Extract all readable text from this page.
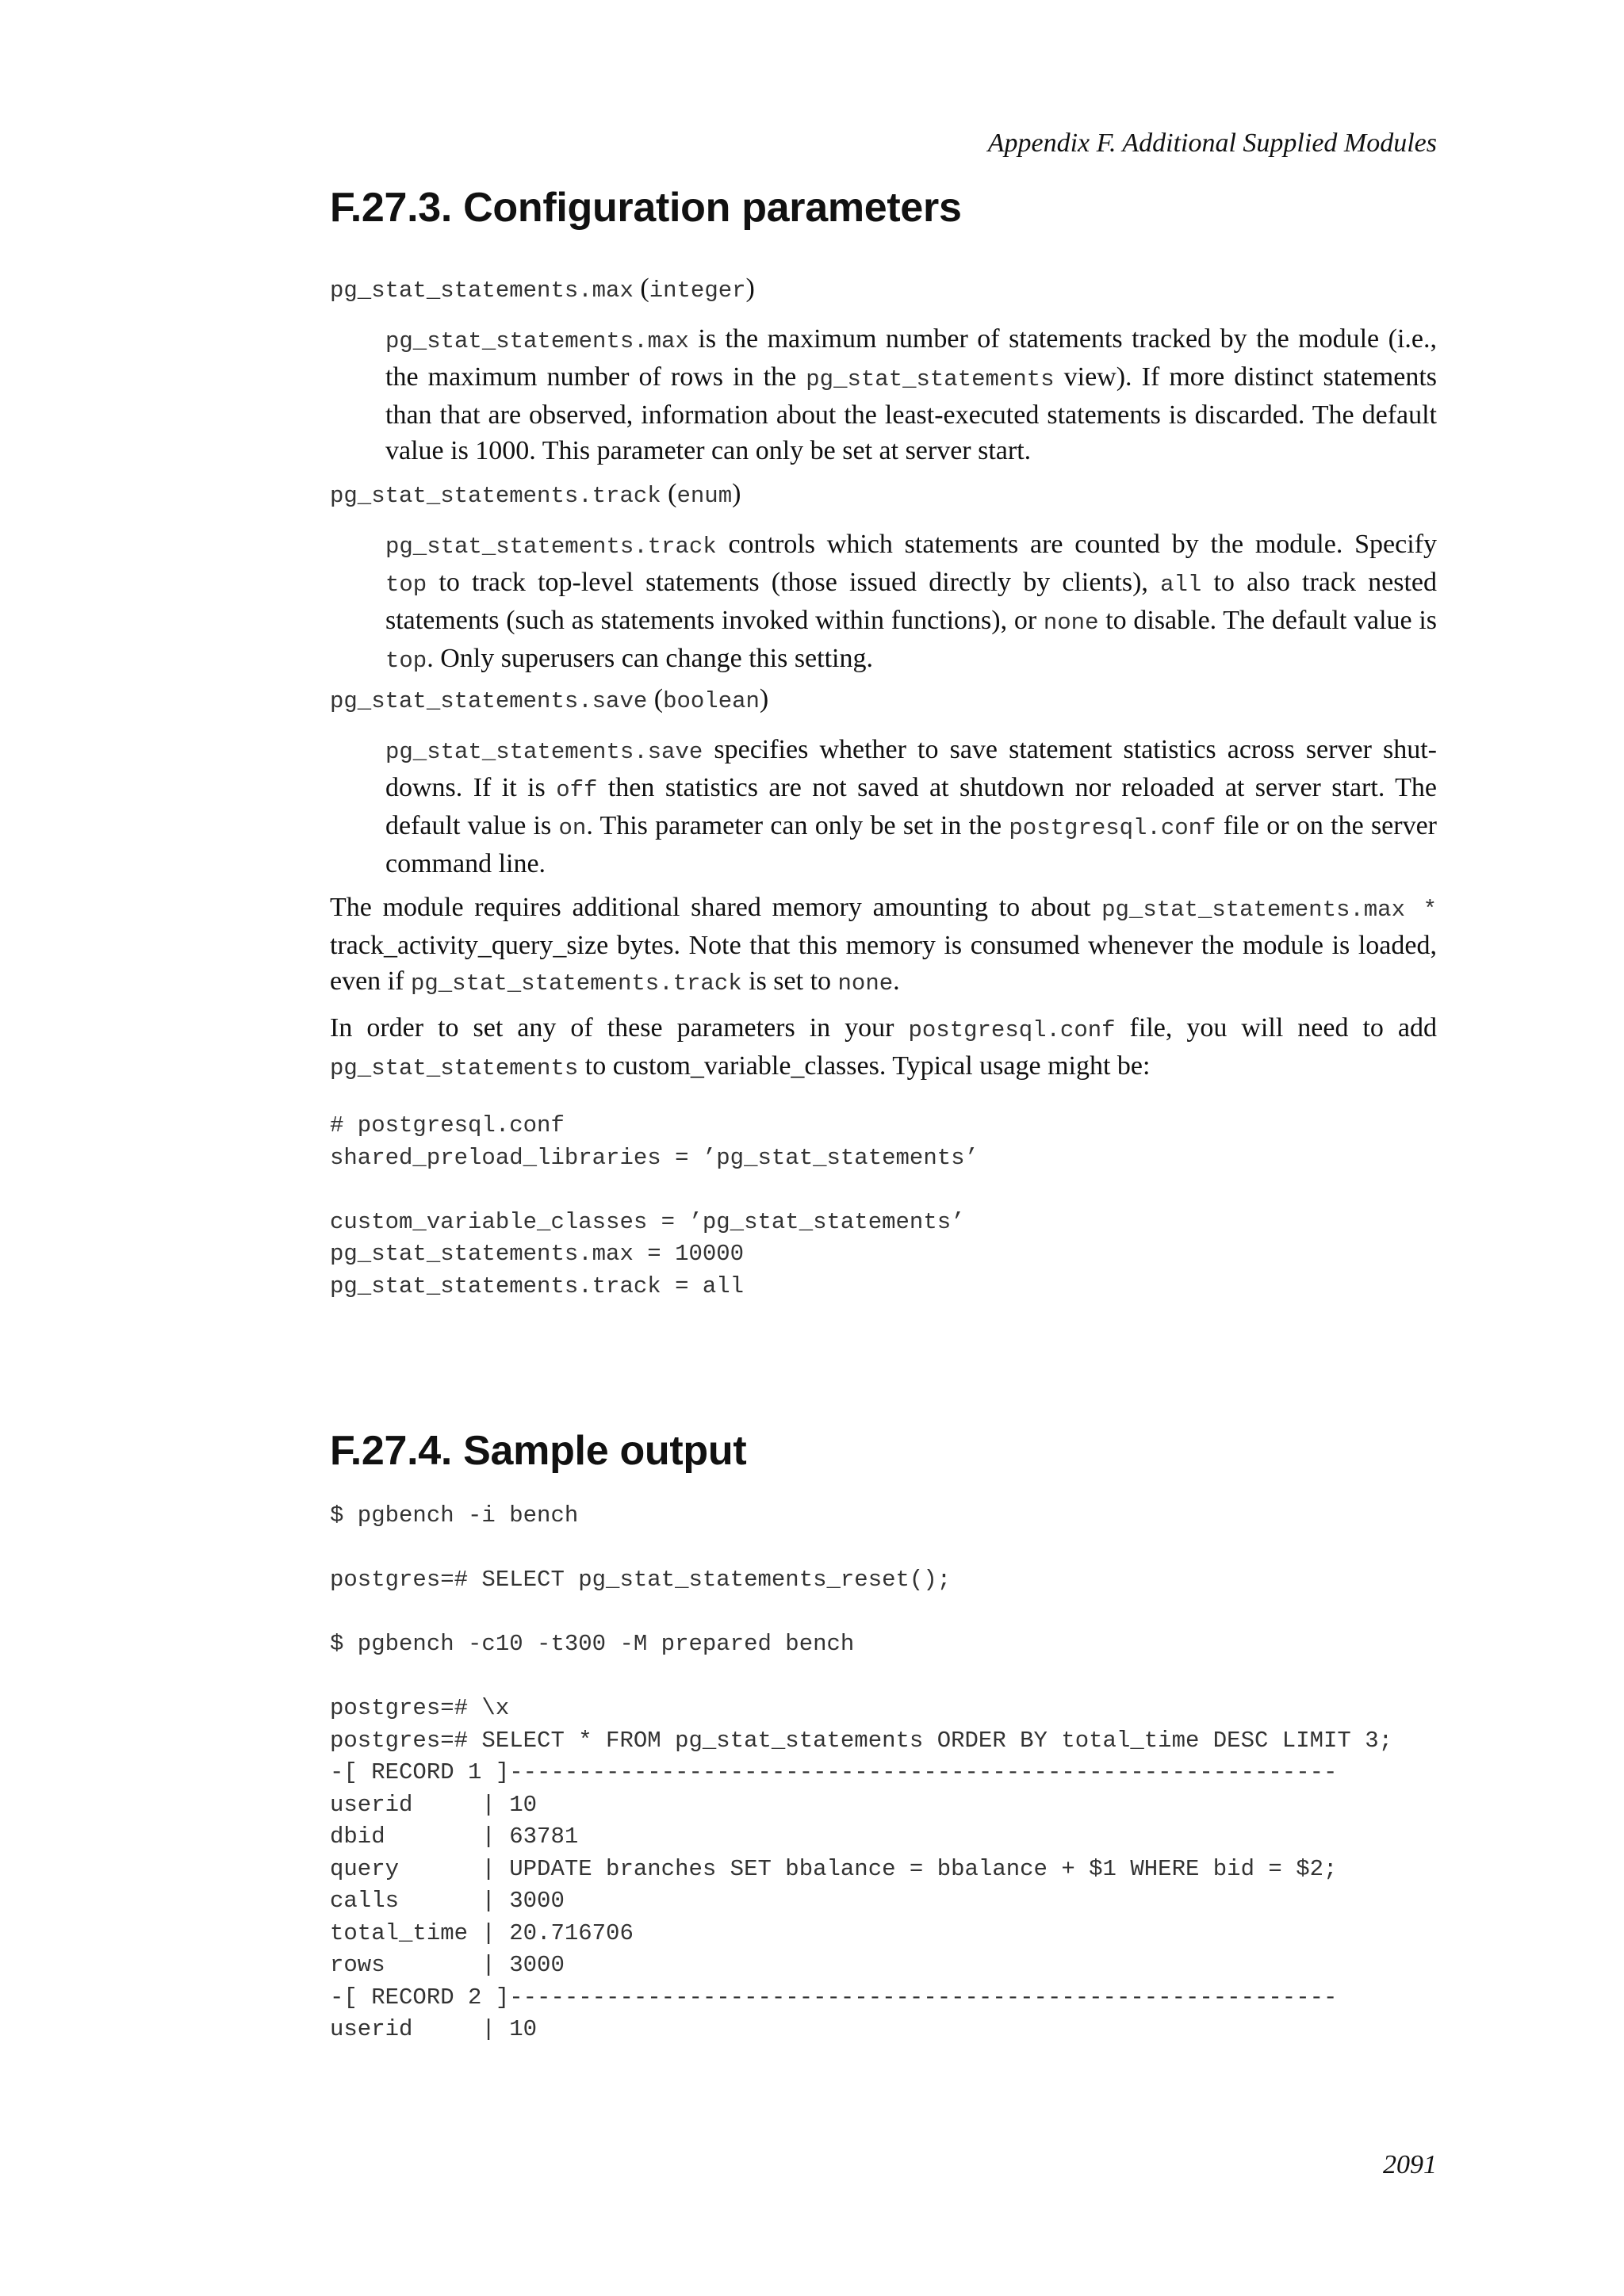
Appendix F. Additional Supplied Modules
F.27.3. Configuration parameters
pg_stat_statements.max (integer)
pg_stat_statements.max is the maximum number of statements tracked by the module (i.e., the maximum number of rows in the pg_stat_statements view). If more distinct statements than that are observed, information about the least-executed statements is discarded. The default value is 1000. This parameter can only be set at server start.
pg_stat_statements.track (enum)
pg_stat_statements.track controls which statements are counted by the module. Specify top to track top-level statements (those issued directly by clients), all to also track nested statements (such as statements invoked within functions), or none to disable. The default value is top. Only superusers can change this setting.
pg_stat_statements.save (boolean)
pg_stat_statements.save specifies whether to save statement statistics across server shut-downs. If it is off then statistics are not saved at shutdown nor reloaded at server start. The default value is on. This parameter can only be set in the postgresql.conf file or on the server command line.
The module requires additional shared memory amounting to about pg_stat_statements.max * track_activity_query_size bytes. Note that this memory is consumed whenever the module is loaded, even if pg_stat_statements.track is set to none.
In order to set any of these parameters in your postgresql.conf file, you will need to add pg_stat_statements to custom_variable_classes. Typical usage might be:
# postgresql.conf
shared_preload_libraries = ’pg_stat_statements’

custom_variable_classes = ’pg_stat_statements’
pg_stat_statements.max = 10000
pg_stat_statements.track = all
F.27.4. Sample output
$ pgbench -i bench

postgres=# SELECT pg_stat_statements_reset();

$ pgbench -c10 -t300 -M prepared bench

postgres=# \x
postgres=# SELECT * FROM pg_stat_statements ORDER BY total_time DESC LIMIT 3;
-[ RECORD 1 ]------------------------------------------------------------
userid     | 10
dbid       | 63781
query      | UPDATE branches SET bbalance = bbalance + $1 WHERE bid = $2;
calls      | 3000
total_time | 20.716706
rows       | 3000
-[ RECORD 2 ]------------------------------------------------------------
userid     | 10
2091
